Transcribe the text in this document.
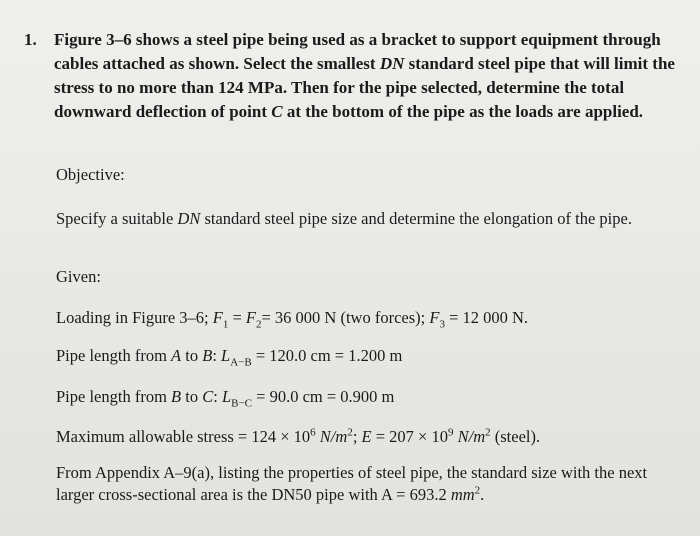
1. Figure 3–6 shows a steel pipe being used as a bracket to support equipment through cables attached as shown. Select the smallest DN standard steel pipe that will limit the stress to no more than 124 MPa. Then for the pipe selected, determine the total downward deflection of point C at the bottom of the pipe as the loads are applied.
Objective:
Specify a suitable DN standard steel pipe size and determine the elongation of the pipe.
Given:
Loading in Figure 3–6; $F_1 = F_2= 36$ 000 N (two forces); $F_3 = 12$ 000 N.
Pipe length from A to B: $L_{A-B} = 120.0$ cm = 1.200 m
Pipe length from B to C: $L_{B-C} = 90.0$ cm = 0.900 m
Maximum allowable stress = $124 \times 10^6$ $N/m^2$; $E = 207 \times 10^9$ $N/m^2$ (steel).
From Appendix A–9(a), listing the properties of steel pipe, the standard size with the next larger cross-sectional area is the DN50 pipe with A = 693.2 $mm^2$.
